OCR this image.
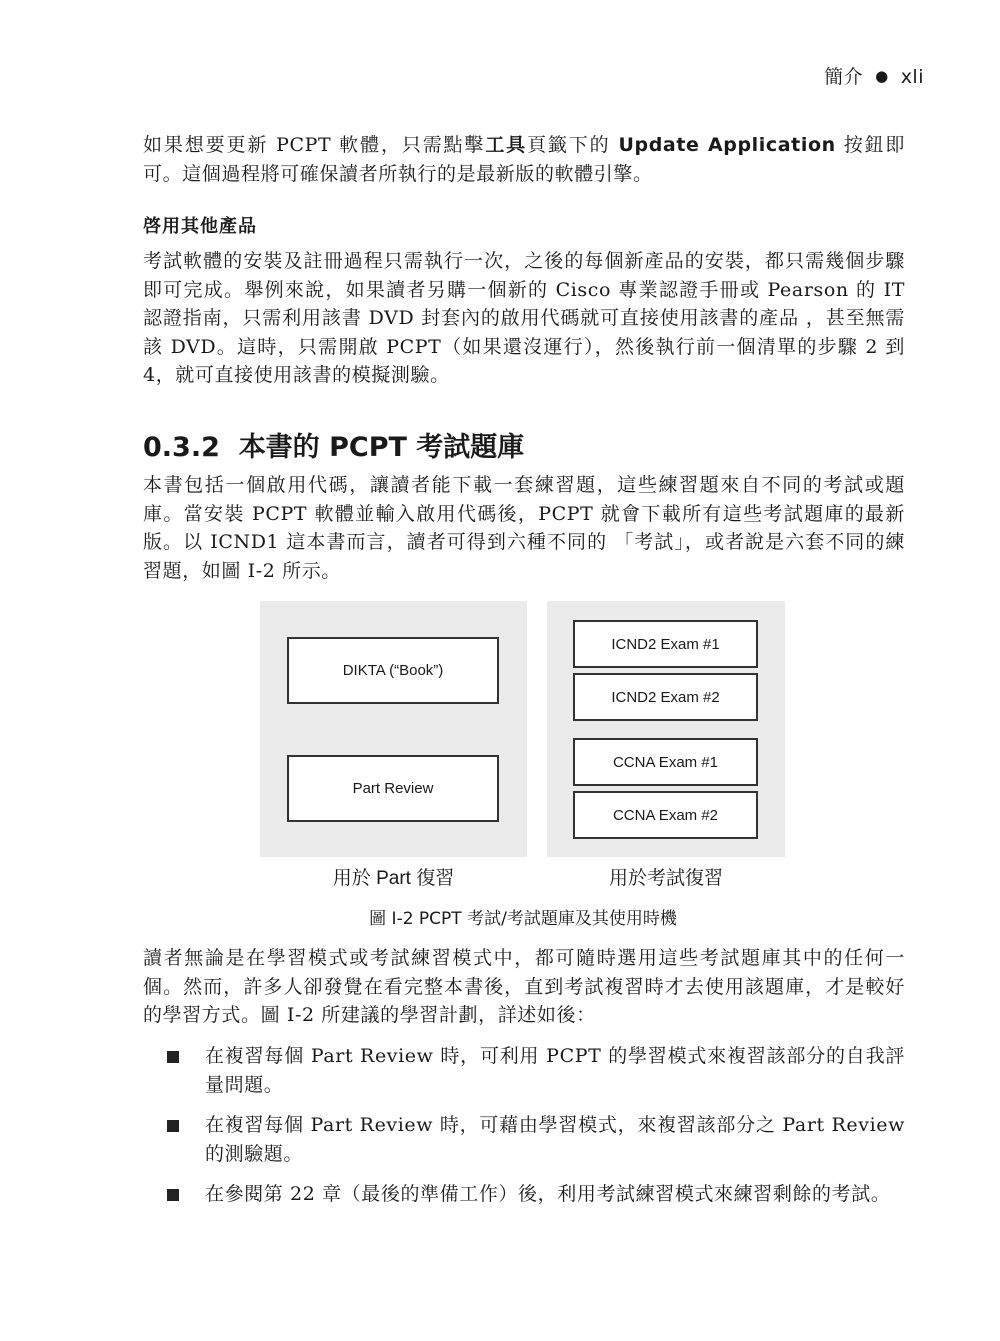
簡介 ● xli

如果想要更新 PCPT 軟體，只需點擊工具頁籤下的 Update Application 按鈕即可。這個過程將可確保讀者所執行的是最新版的軟體引擎。

啓用其他產品

考試軟體的安裝及註冊過程只需執行一次，之後的每個新產品的安裝，都只需幾個步驟即可完成。舉例來說，如果讀者另購一個新的 Cisco 專業認證手冊或 Pearson 的 IT 認證指南，只需利用該書 DVD 封套內的啟用代碼就可直接使用該書的產品 ，甚至無需該 DVD。這時，只需開啟 PCPT（如果還沒運行），然後執行前一個清單的步驟 2 到 4，就可直接使用該書的模擬測驗。

0.3.2 本書的 PCPT 考試題庫

本書包括一個啟用代碼，讓讀者能下載一套練習題，這些練習題來自不同的考試或題庫。當安裝 PCPT 軟體並輸入啟用代碼後，PCPT 就會下載所有這些考試題庫的最新版。以 ICND1 這本書而言，讀者可得到六種不同的 「考試」，或者說是六套不同的練習題，如圖 I-2 所示。

DIKTA (“Book”)
Part Review
ICND2 Exam #1
ICND2 Exam #2
CCNA Exam #1
CCNA Exam #2
用於 Part 復習	用於考試復習
圖 I-2 PCPT 考試/考試題庫及其使用時機

讀者無論是在學習模式或考試練習模式中，都可隨時選用這些考試題庫其中的任何一個。然而，許多人卻發覺在看完整本書後，直到考試複習時才去使用該題庫，才是較好的學習方式。圖 I-2 所建議的學習計劃，詳述如後：

在複習每個 Part Review 時，可利用 PCPT 的學習模式來複習該部分的自我評量問題。
在複習每個 Part Review 時，可藉由學習模式，來複習該部分之 Part Review 的測驗題。
在參閱第 22 章（最後的準備工作）後，利用考試練習模式來練習剩餘的考試。
